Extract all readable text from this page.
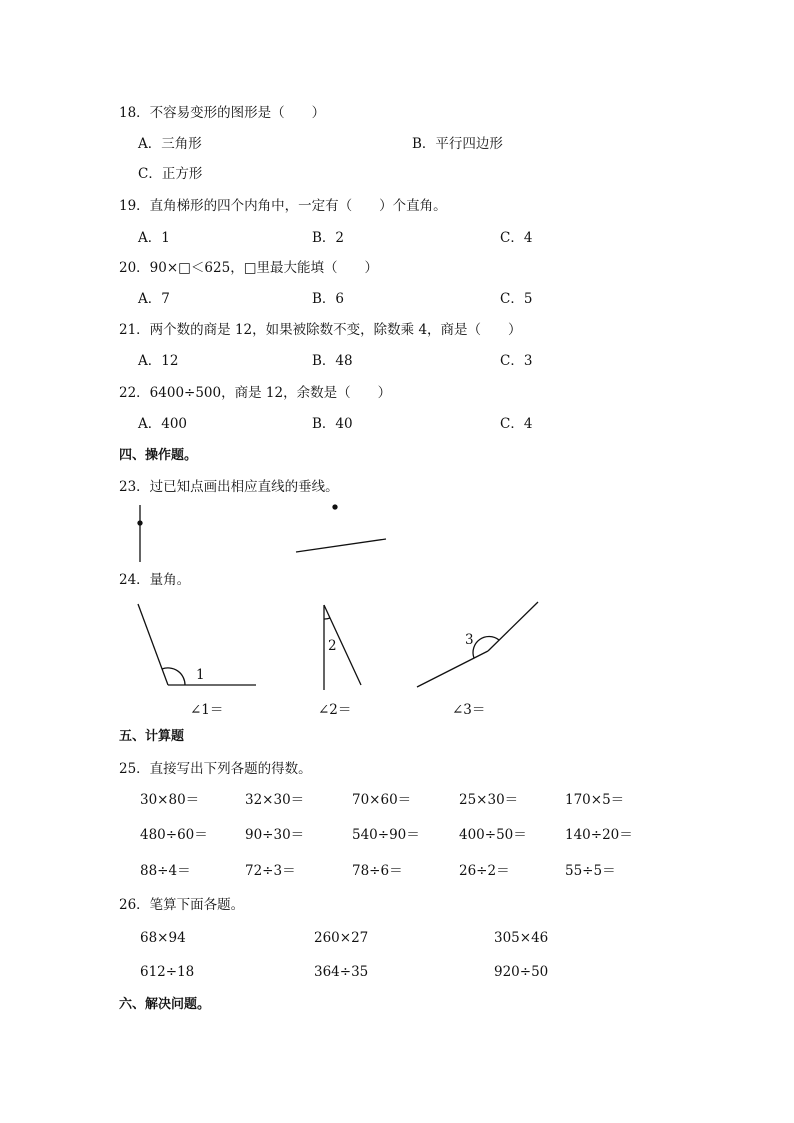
18．不容易变形的图形是（　　）
A．三角形	B．平行四边形
C．正方形
19．直角梯形的四个内角中，一定有（　　）个直角。
A．1	B．2	C．4
20．90×□＜625，□里最大能填（　　）
A．7	B．6	C．5
21．两个数的商是 12，如果被除数不变，除数乘 4，商是（　　）
A．12	B．48	C．3
22．6400÷500，商是 12，余数是（　　）
A．400	B．40	C．4
四、操作题。
23．过已知点画出相应直线的垂线。
24．量角。
1
2	3
∠1＝	∠2＝	∠3＝
五、计算题
25．直接写出下列各题的得数。
30×80＝	32×30＝	70×60＝	25×30＝	170×5＝
480÷60＝	90÷30＝	540÷90＝	400÷50＝	140÷20＝
88÷4＝	72÷3＝	78÷6＝	26÷2＝	55÷5＝
26．笔算下面各题。
68×94	260×27	305×46
612÷18	364÷35	920÷50
六、解决问题。
